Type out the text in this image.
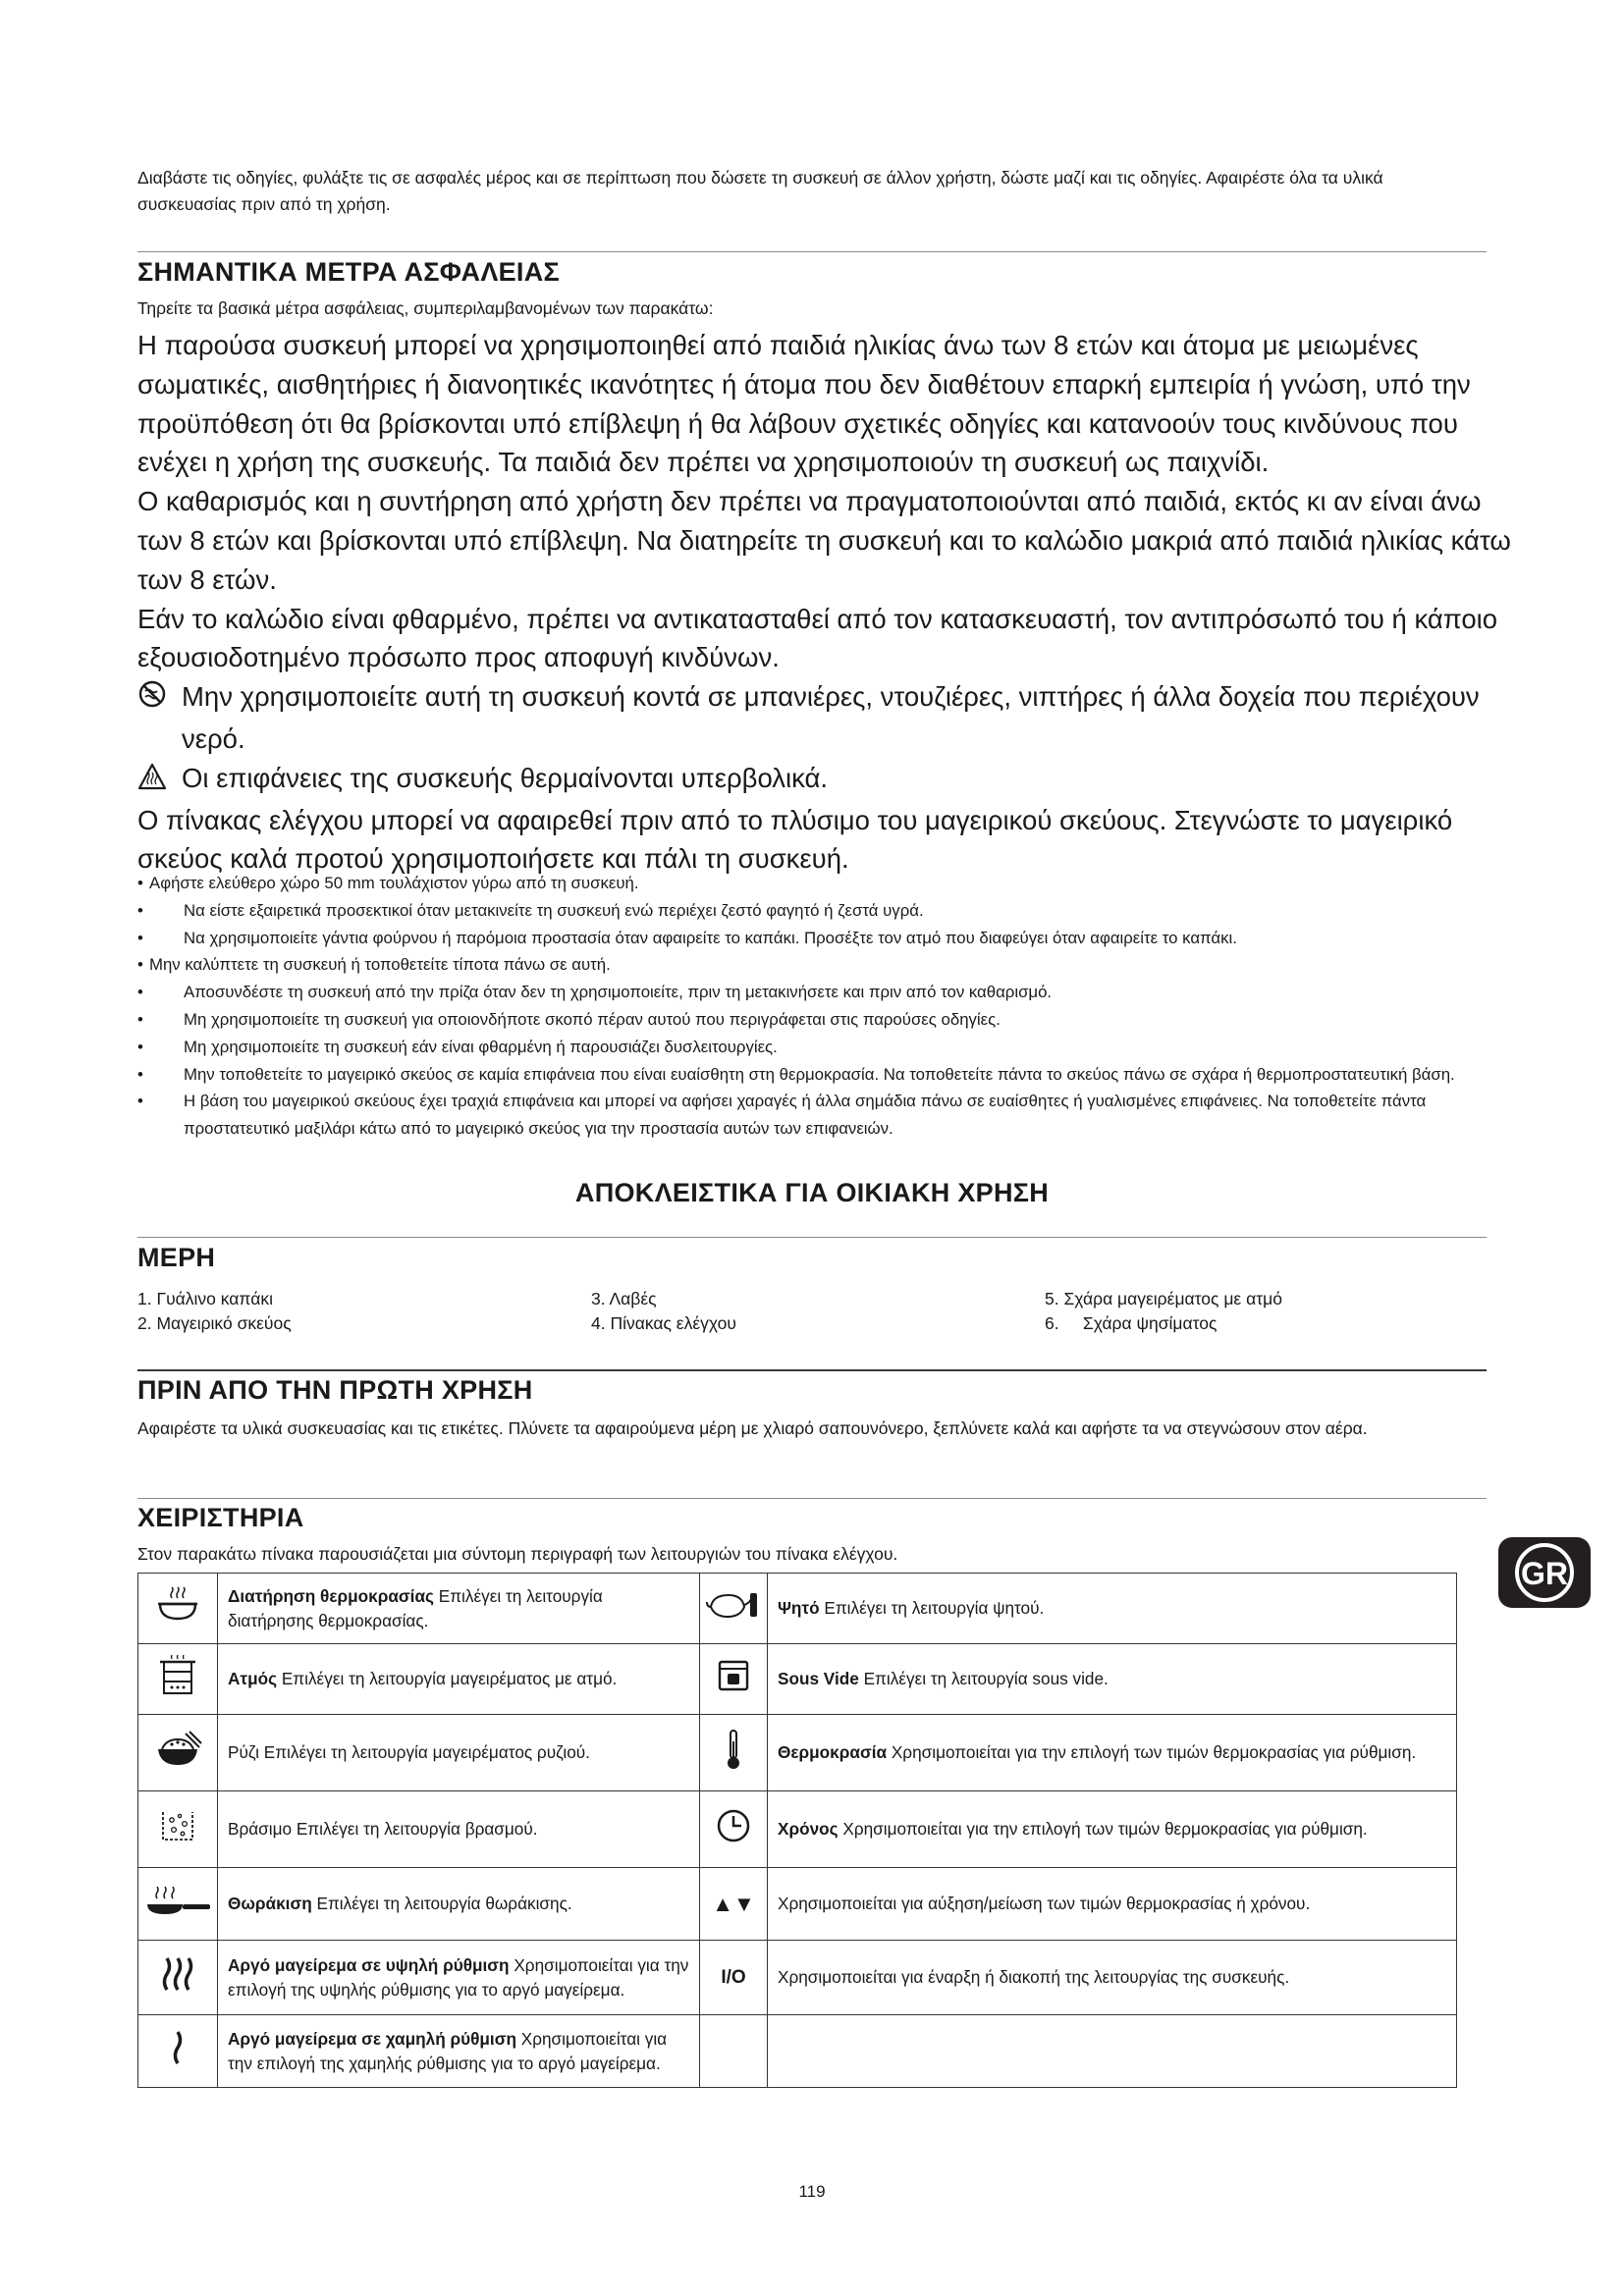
Διαβάστε τις οδηγίες, φυλάξτε τις σε ασφαλές μέρος και σε περίπτωση που δώσετε τη συσκευή σε άλλον χρήστη, δώστε μαζί και τις οδηγίες. Αφαιρέστε όλα τα υλικά συσκευασίας πριν από τη χρήση.
ΣΗΜΑΝΤΙΚΑ ΜΕΤΡΑ ΑΣΦΑΛΕΙΑΣ
Τηρείτε τα βασικά μέτρα ασφάλειας, συμπεριλαμβανομένων των παρακάτω:

Η παρούσα συσκευή μπορεί να χρησιμοποιηθεί από παιδιά ηλικίας άνω των 8 ετών και άτομα με μειωμένες σωματικές, αισθητήριες ή διανοητικές ικανότητες ή άτομα που δεν διαθέτουν επαρκή εμπειρία ή γνώση, υπό την προϋπόθεση ότι θα βρίσκονται υπό επίβλεψη ή θα λάβουν σχετικές οδηγίες και κατανοούν τους κινδύνους που ενέχει η χρήση της συσκευής. Τα παιδιά δεν πρέπει να χρησιμοποιούν τη συσκευή ως παιχνίδι.

Ο καθαρισμός και η συντήρηση από χρήστη δεν πρέπει να πραγματοποιούνται από παιδιά, εκτός κι αν είναι άνω των 8 ετών και βρίσκονται υπό επίβλεψη. Να διατηρείτε τη συσκευή και το καλώδιο μακριά από παιδιά ηλικίας κάτω των 8 ετών.

Εάν το καλώδιο είναι φθαρμένο, πρέπει να αντικατασταθεί από τον κατασκευαστή, τον αντιπρόσωπό του ή κάποιο εξουσιοδοτημένο πρόσωπο προς αποφυγή κινδύνων.

Μην χρησιμοποιείτε αυτή τη συσκευή κοντά σε μπανιέρες, ντουζιέρες, νιπτήρες ή άλλα δοχεία που περιέχουν νερό.

Οι επιφάνειες της συσκευής θερμαίνονται υπερβολικά.

Ο πίνακας ελέγχου μπορεί να αφαιρεθεί πριν από το πλύσιμο του μαγειρικού σκεύους. Στεγνώστε το μαγειρικό σκεύος καλά προτού χρησιμοποιήσετε και πάλι τη συσκευή.

• Αφήστε ελεύθερο χώρο 50 mm τουλάχιστον γύρω από τη συσκευή.
•	Να είστε εξαιρετικά προσεκτικοί όταν μετακινείτε τη συσκευή ενώ περιέχει ζεστό φαγητό ή ζεστά υγρά.
•	Να χρησιμοποιείτε γάντια φούρνου ή παρόμοια προστασία όταν αφαιρείτε το καπάκι. Προσέξτε τον ατμό που διαφεύγει όταν αφαιρείτε το καπάκι.
• Μην καλύπτετε τη συσκευή ή τοποθετείτε τίποτα πάνω σε αυτή.
•	Αποσυνδέστε τη συσκευή από την πρίζα όταν δεν τη χρησιμοποιείτε, πριν τη μετακινήσετε και πριν από τον καθαρισμό.
•	Μη χρησιμοποιείτε τη συσκευή για οποιονδήποτε σκοπό πέραν αυτού που περιγράφεται στις παρούσες οδηγίες.
•	Μη χρησιμοποιείτε τη συσκευή εάν είναι φθαρμένη ή παρουσιάζει δυσλειτουργίες.
•	Μην τοποθετείτε το μαγειρικό σκεύος σε καμία επιφάνεια που είναι ευαίσθητη στη θερμοκρασία. Να τοποθετείτε πάντα το σκεύος πάνω σε σχάρα ή θερμοπροστατευτική βάση.
•	Η βάση του μαγειρικού σκεύους έχει τραχιά επιφάνεια και μπορεί να αφήσει χαραγές ή άλλα σημάδια πάνω σε ευαίσθητες ή γυαλισμένες επιφάνειες. Να τοποθετείτε πάντα προστατευτικό μαξιλάρι κάτω από το μαγειρικό σκεύος για την προστασία αυτών των επιφανειών.
ΑΠΟΚΛΕΙΣΤΙΚΑ ΓΙΑ ΟΙΚΙΑΚΗ ΧΡΗΣΗ
ΜΕΡΗ
1. Γυάλινο καπάκι
2. Μαγειρικό σκεύος
3. Λαβές
4. Πίνακας ελέγχου
5. Σχάρα μαγειρέματος με ατμό
6.     Σχάρα ψησίματος
ΠΡΙΝ ΑΠΟ ΤΗΝ ΠΡΩΤΗ ΧΡΗΣΗ
Αφαιρέστε τα υλικά συσκευασίας και τις ετικέτες. Πλύνετε τα αφαιρούμενα μέρη με χλιαρό σαπουνόνερο, ξεπλύνετε καλά και αφήστε τα να στεγνώσουν στον αέρα.
ΧΕΙΡΙΣΤΗΡΙΑ
Στον παρακάτω πίνακα παρουσιάζεται μια σύντομη περιγραφή των λειτουργιών του πίνακα ελέγχου.
	Διατήρηση θερμοκρασίας Επιλέγει τη λειτουργία διατήρησης θερμοκρασίας.		Ψητό Επιλέγει τη λειτουργία ψητού.
	Ατμός Επιλέγει τη λειτουργία μαγειρέματος με ατμό.		Sous Vide Επιλέγει τη λειτουργία sous vide.
	Ρύζι Επιλέγει τη λειτουργία μαγειρέματος ρυζιού.		Θερμοκρασία Χρησιμοποιείται για την επιλογή των τιμών θερμοκρασίας για ρύθμιση.
	Βράσιμο Επιλέγει τη λειτουργία βρασμού.		Χρόνος Χρησιμοποιείται για την επιλογή των τιμών θερμοκρασίας για ρύθμιση.
	Θωράκιση Επιλέγει τη λειτουργία θωράκισης.	▲▼	Χρησιμοποιείται για αύξηση/μείωση των τιμών θερμοκρασίας ή χρόνου.
	Αργό μαγείρεμα σε υψηλή ρύθμιση Χρησιμοποιείται για την επιλογή της υψηλής ρύθμισης για το αργό μαγείρεμα.	I/O	Χρησιμοποιείται για έναρξη ή διακοπή της λειτουργίας της συσκευής.
	Αργό μαγείρεμα σε χαμηλή ρύθμιση Χρησιμοποιείται για την επιλογή της χαμηλής ρύθμισης για το αργό μαγείρεμα.		
GR
119
